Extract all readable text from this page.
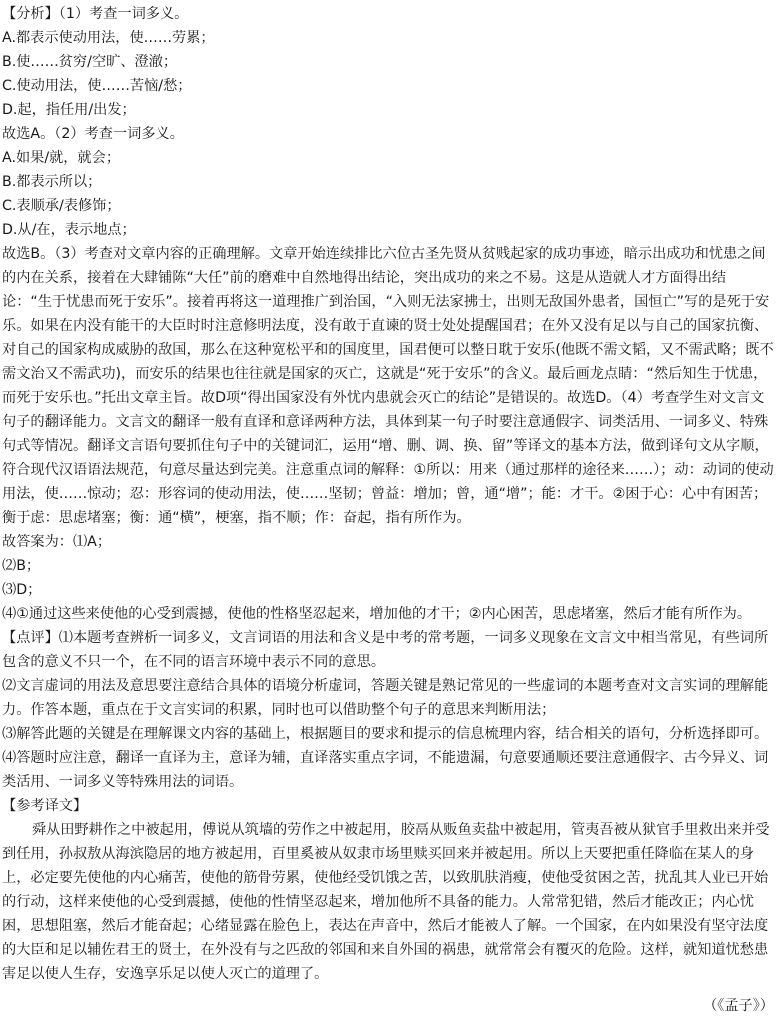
【分析】（1）考查一词多义。

A.都表示使动用法，使……劳累；

B.使……贫穷/空旷、澄澈；

C.使动用法，使……苦恼/愁；

D.起，指任用/出发；

故选A。（2）考查一词多义。

A.如果/就，就会；

B.都表示所以；

C.表顺承/表修饰；

D.从/在，表示地点；

故选B。（3）考查对文章内容的正确理解。文章开始连续排比六位古圣先贤从贫贱起家的成功事迹，暗示出成功和忧患之间的内在关系，接着在大肆铺陈“大任”前的磨难中自然地得出结论，突出成功的来之不易。这是从造就人才方面得出结论：“生于忧患而死于安乐”。接着再将这一道理推广到治国，“入则无法家拂士，出则无敌国外患者，国恒亡”写的是死于安乐。如果在内没有能干的大臣时时注意修明法度，没有敢于直谏的贤士处处提醒国君；在外又没有足以与自己的国家抗衡、对自己的国家构成威胁的敌国，那么在这种宽松平和的国度里，国君便可以整日耽于安乐(他既不需文韬，又不需武略；既不需文治又不需武功)，而安乐的结果也往往就是国家的灭亡，这就是“死于安乐”的含义。最后画龙点睛：“然后知生于忧患，而死于安乐也。”托出文章主旨。故D项“得出国家没有外忧内患就会灭亡的结论”是错误的。故选D。（4）考查学生对文言文句子的翻译能力。文言文的翻译一般有直译和意译两种方法，具体到某一句子时要注意通假字、词类活用、一词多义、特殊句式等情况。翻译文言语句要抓住句子中的关键词汇，运用“增、删、调、换、留”等译文的基本方法，做到译句文从字顺，符合现代汉语语法规范，句意尽量达到完美。注意重点词的解释：①所以：用来（通过那样的途径来……）；动：动词的使动用法，使……惊动；忍：形容词的使动用法，使……坚韧；曾益：增加；曾，通“增”；能：才干。②困于心：心中有困苦；衡于虑：思虑堵塞；衡：通“横”，梗塞，指不顺；作：奋起，指有所作为。

故答案为：⑴A；

⑵B；

⑶D；

⑷①通过这些来使他的心受到震撼，使他的性格坚忍起来，增加他的才干；②内心困苦，思虑堵塞，然后才能有所作为。

【点评】⑴本题考查辨析一词多义，文言词语的用法和含义是中考的常考题，一词多义现象在文言文中相当常见，有些词所包含的意义不只一个，在不同的语言环境中表示不同的意思。

⑵文言虚词的用法及意思要注意结合具体的语境分析虚词，答题关键是熟记常见的一些虚词的本题考查对文言实词的理解能力。作答本题，重点在于文言实词的积累，同时也可以借助整个句子的意思来判断用法；

⑶解答此题的关键是在理解课文内容的基础上，根据题目的要求和提示的信息梳理内容，结合相关的语句，分析选择即可。

⑷答题时应注意，翻译一直译为主，意译为辅，直译落实重点字词，不能遗漏，句意要通顺还要注意通假字、古今异义、词类活用、一词多义等特殊用法的词语。

【参考译文】

舜从田野耕作之中被起用，傅说从筑墙的劳作之中被起用，胶鬲从贩鱼卖盐中被起用，管夷吾被从狱官手里救出来并受到任用，孙叔敖从海滨隐居的地方被起用，百里奚被从奴隶市场里赎买回来并被起用。所以上天要把重任降临在某人的身上，必定要先使他的内心痛苦，使他的筋骨劳累，使他经受饥饿之苦，以致肌肤消瘦，使他受贫困之苦，扰乱其人业已开始的行动，这样来使他的心受到震撼，使他的性情坚忍起来，增加他所不具备的能力。人常常犯错，然后才能改正；内心忧困，思想阻塞，然后才能奋起；心绪显露在脸色上，表达在声音中，然后才能被人了解。一个国家，在内如果没有坚守法度的大臣和足以辅佐君王的贤士，在外没有与之匹敌的邻国和来自外国的祸患，就常常会有覆灭的危险。这样，就知道忧愁患害足以使人生存，安逸享乐足以使人灭亡的道理了。

（《孟子》）
